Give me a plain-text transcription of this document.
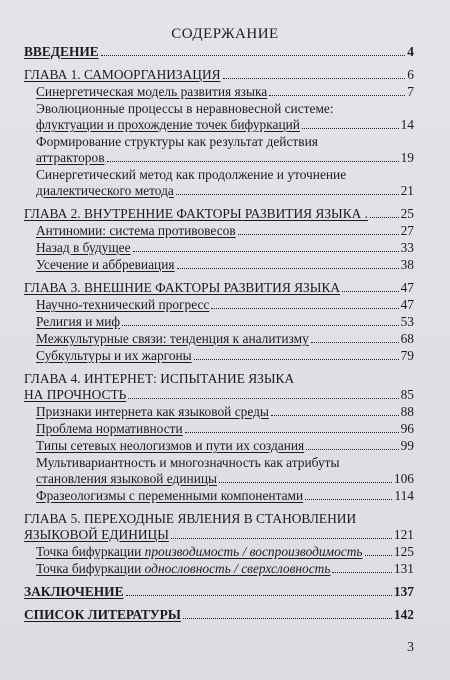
СОДЕРЖАНИЕ
ВВЕДЕНИЕ	4
ГЛАВА 1. САМООРГАНИЗАЦИЯ	6
Синергетическая модель развития языка	7
Эволюционные процессы в неравновесной системе:
флуктуации и прохождение точек бифуркаций	14
Формирование структуры как результат действия
аттракторов	19
Синергетический метод как продолжение и уточнение
диалектического метода	21
ГЛАВА 2. ВНУТРЕННИЕ ФАКТОРЫ РАЗВИТИЯ ЯЗЫКА . 25
Антиномии: система противовесов	27
Назад в будущее	33
Усечение и аббревиация	38
ГЛАВА 3. ВНЕШНИЕ ФАКТОРЫ РАЗВИТИЯ ЯЗЫКА	47
Научно-технический прогресс	47
Религия и миф	53
Межкультурные связи: тенденция к аналитизму	68
Субкультуры и их жаргоны	79
ГЛАВА 4. ИНТЕРНЕТ: ИСПЫТАНИЕ ЯЗЫКА
НА ПРОЧНОСТЬ	85
Признаки интернета как языковой среды	88
Проблема нормативности	96
Типы сетевых неологизмов и пути их создания	99
Мультивариантность и многозначность как атрибуты
становления языковой единицы	106
Фразеологизмы с переменными компонентами	114
ГЛАВА 5. ПЕРЕХОДНЫЕ ЯВЛЕНИЯ В СТАНОВЛЕНИИ
ЯЗЫКОВОЙ ЕДИНИЦЫ	121
Точка бифуркации производимость / воспроизводимость 125
Точка бифуркации однословность / сверхсловность	131
ЗАКЛЮЧЕНИЕ	137
СПИСОК ЛИТЕРАТУРЫ	142
3
